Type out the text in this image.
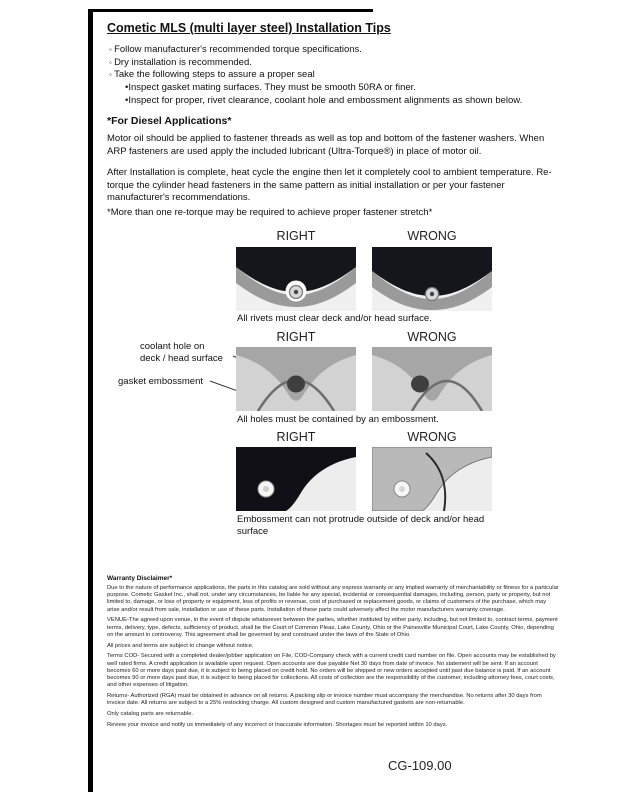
Cometic MLS (multi layer steel) Installation Tips
◦ Follow manufacturer's recommended torque specifications.
◦ Dry installation is recommended.
◦ Take the following steps to assure a proper seal
• Inspect gasket mating surfaces. They must be smooth 50RA or finer.
• Inspect for proper, rivet clearance, coolant hole and embossment alignments as shown below.
*For Diesel Applications*
Motor oil should be applied to fastener threads as well as top and bottom of the fastener washers. When ARP fasteners are used apply the included lubricant (Ultra-Torque®) in place of motor oil.
After Installation is complete, heat cycle the engine then let it completely cool to ambient temperature. Re-torque the cylinder head fasteners in the same pattern as initial installation or per your fastener manufacturer's recommendations.
*More than one re-torque may be required to achieve proper fastener stretch*
RIGHT	WRONG
All rivets must clear deck and/or head surface.
RIGHT	WRONG
coolant hole on
deck / head surface
gasket embossment
All holes must be contained by an embossment.
RIGHT	WRONG
Embossment can not protrude outside of deck and/or head surface
Warranty Disclaimer*

Due to the nature of performance applications, the parts in this catalog are sold without any express warranty or any implied warranty of merchantability or fitness for a particular purpose. Cometic Gasket Inc., shall not, under any circumstances, be liable for any special, incidental or consequential damages, including, person, party or property, but not limited to, damage, or loss of property or equipment, loss of profits or revenue, cost of purchased or replacement goods, or claims of customers of the purchase, which may arise and/or result from sale, installation or use of these parts. Installation of these parts could adversely affect the motor manufacturers warranty coverage.

VENUE-The agreed upon venue, in the event of dispute whatsoever between the parties, whether instituted by either party, including, but not limited to, contract terms, payment terms, delivery, type, defects, sufficiency of product, shall be the Court of Common Pleas, Lake County, Ohio or the Painesville Municipal Court, Lake County, Ohio, depending on the amount in controversy. This agreement shall be governed by and construed under the laws of the State of Ohio.

All prices and terms are subject to change without notice.

Terms COD- Secured with a completed dealer/jobber application on File, COD-Company check with a current credit card number on file. Open accounts may be established by well rated firms. A credit application is available upon request. Open accounts are due payable Net 30 days from date of invoice. No statement will be sent. If an account becomes 60 or more days past due, it is subject to being placed on credit hold. No orders will be shipped or new orders accepted until past due balance is paid. If an account becomes 90 or more days past due, it is subject to being placed for collections. All costs of collection are the responsibility of the customer, including attorney fees, court costs, and other expenses of litigation.

Returns- Authorized (RGA) must be obtained in advance on all returns. A packing slip or invoice number must accompany the merchandise. No returns after 30 days from invoice date. All returns are subject to a 25% restocking charge. All custom designed and custom manufactured gaskets are non-returnable.

Only catalog parts are returnable.

Review your invoice and notify us immediately of any incorrect or inaccurate information. Shortages must be reported within 10 days.

CG-109.00
